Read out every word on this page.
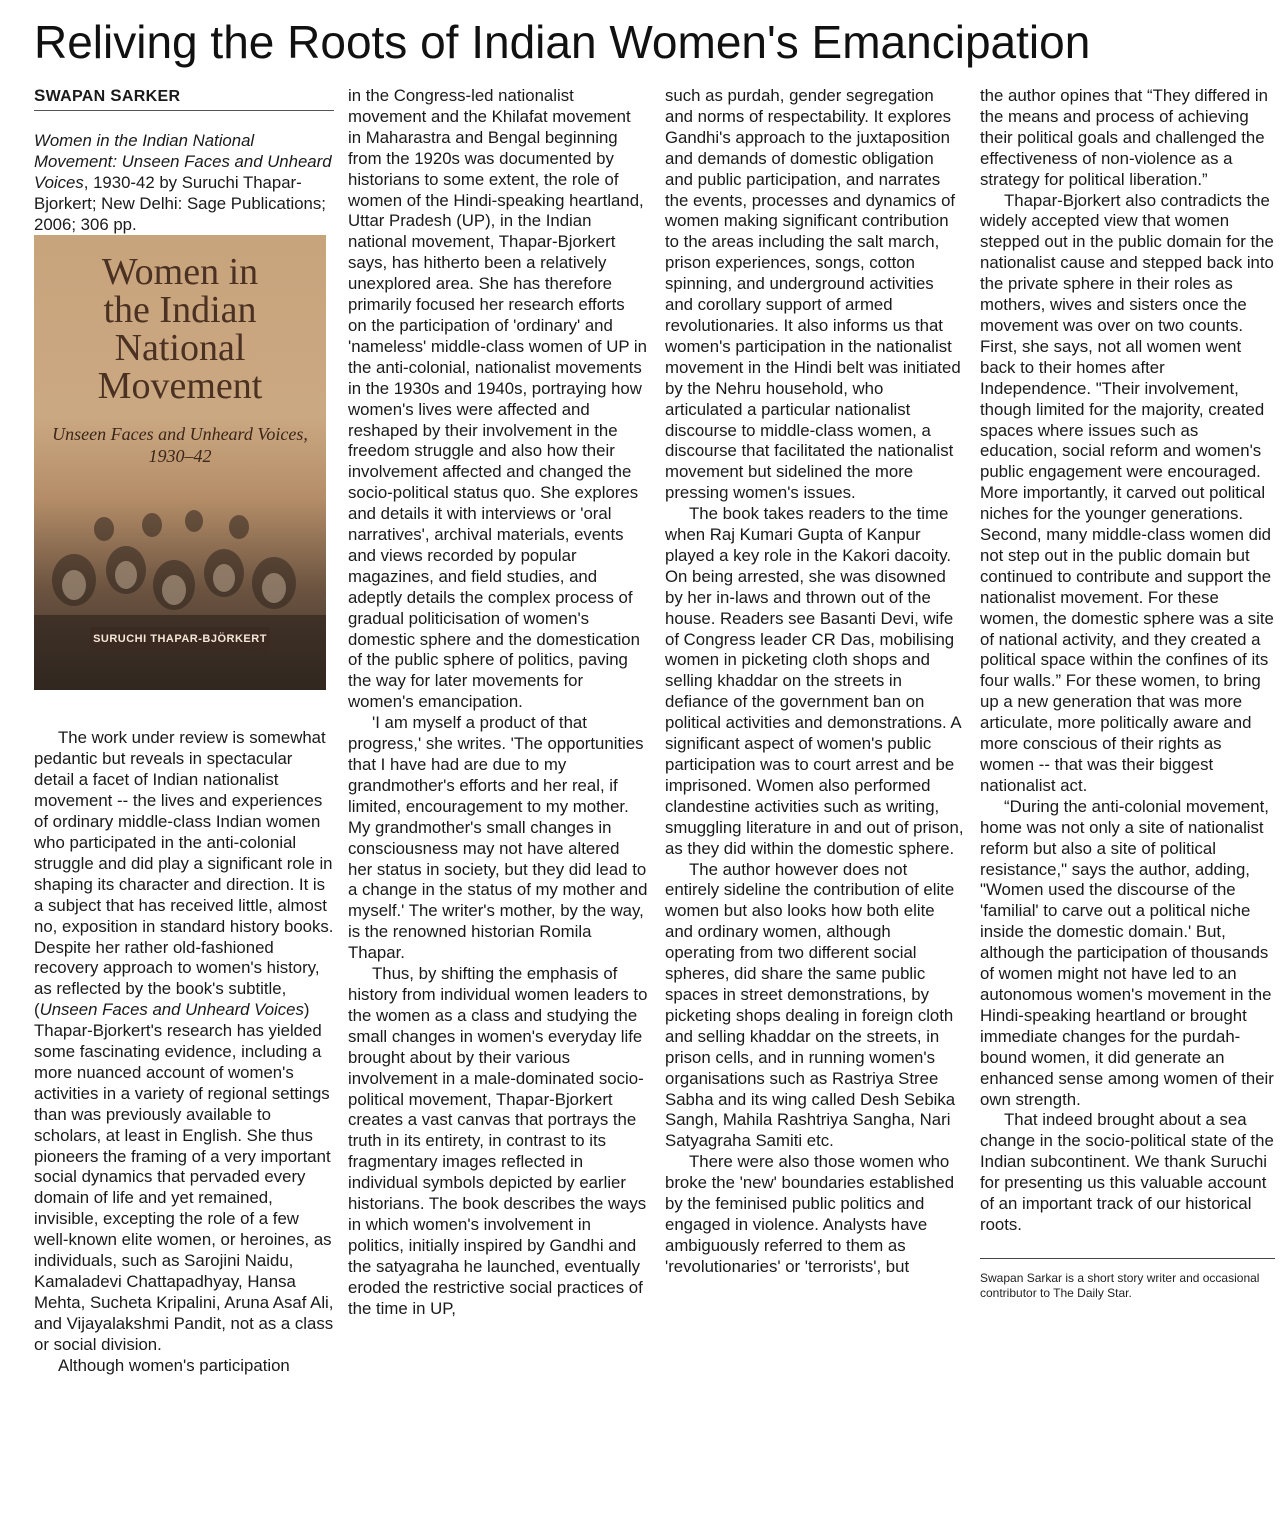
Reliving the Roots of Indian Women's Emancipation
SWAPAN SARKER

Women in the Indian National Movement: Unseen Faces and Unheard Voices, 1930-42 by Suruchi Thapar-Bjorkert; New Delhi: Sage Publications; 2006; 306 pp.

Women in
the Indian
National
Movement
Unseen Faces and Unheard Voices,
1930–42
SURUCHI THAPAR-BJÖRKERT

The work under review is somewhat pedantic but reveals in spectacular detail a facet of Indian nationalist movement -- the lives and experiences of ordinary middle-class Indian women who participated in the anti-colonial struggle and did play a significant role in shaping its character and direction. It is a subject that has received little, almost no, exposition in standard history books. Despite her rather old-fashioned recovery approach to women's history, as reflected by the book's subtitle, (Unseen Faces and Unheard Voices) Thapar-Bjorkert's research has yielded some fascinating evidence, including a more nuanced account of women's activities in a variety of regional settings than was previously available to scholars, at least in English. She thus pioneers the framing of a very important social dynamics that pervaded every domain of life and yet remained, invisible, excepting the role of a few well-known elite women, or heroines, as individuals, such as Sarojini Naidu, Kamaladevi Chattapadhyay, Hansa Mehta, Sucheta Kripalini, Aruna Asaf Ali, and Vijayalakshmi Pandit, not as a class or social division.

Although women's participation

in the Congress-led nationalist movement and the Khilafat movement in Maharastra and Bengal beginning from the 1920s was documented by historians to some extent, the role of women of the Hindi-speaking heartland, Uttar Pradesh (UP), in the Indian national movement, Thapar-Bjorkert says, has hitherto been a relatively unexplored area. She has therefore primarily focused her research efforts on the participation of 'ordinary' and 'nameless' middle-class women of UP in the anti-colonial, nationalist movements in the 1930s and 1940s, portraying how women's lives were affected and reshaped by their involvement in the freedom struggle and also how their involvement affected and changed the socio-political status quo. She explores and details it with interviews or 'oral narratives', archival materials, events and views recorded by popular magazines, and field studies, and adeptly details the complex process of gradual politicisation of women's domestic sphere and the domestication of the public sphere of politics, paving the way for later movements for women's emancipation.

'I am myself a product of that progress,' she writes. 'The opportunities that I have had are due to my grandmother's efforts and her real, if limited, encouragement to my mother. My grandmother's small changes in consciousness may not have altered her status in society, but they did lead to a change in the status of my mother and myself.' The writer's mother, by the way, is the renowned historian Romila Thapar.

Thus, by shifting the emphasis of history from individual women leaders to the women as a class and studying the small changes in women's everyday life brought about by their various involvement in a male-dominated socio-political movement, Thapar-Bjorkert creates a vast canvas that portrays the truth in its entirety, in contrast to its fragmentary images reflected in individual symbols depicted by earlier historians. The book describes the ways in which women's involvement in politics, initially inspired by Gandhi and the satyagraha he launched, eventually eroded the restrictive social practices of the time in UP,

such as purdah, gender segregation and norms of respectability. It explores Gandhi's approach to the juxtaposition and demands of domestic obligation and public participation, and narrates the events, processes and dynamics of women making significant contribution to the areas including the salt march, prison experiences, songs, cotton spinning, and underground activities and corollary support of armed revolutionaries. It also informs us that women's participation in the nationalist movement in the Hindi belt was initiated by the Nehru household, who articulated a particular nationalist discourse to middle-class women, a discourse that facilitated the nationalist movement but sidelined the more pressing women's issues.

The book takes readers to the time when Raj Kumari Gupta of Kanpur played a key role in the Kakori dacoity. On being arrested, she was disowned by her in-laws and thrown out of the house. Readers see Basanti Devi, wife of Congress leader CR Das, mobilising women in picketing cloth shops and selling khaddar on the streets in defiance of the government ban on political activities and demonstrations. A significant aspect of women's public participation was to court arrest and be imprisoned. Women also performed clandestine activities such as writing, smuggling literature in and out of prison, as they did within the domestic sphere.

The author however does not entirely sideline the contribution of elite women but also looks how both elite and ordinary women, although operating from two different social spheres, did share the same public spaces in street demonstrations, by picketing shops dealing in foreign cloth and selling khaddar on the streets, in prison cells, and in running women's organisations such as Rastriya Stree Sabha and its wing called Desh Sebika Sangh, Mahila Rashtriya Sangha, Nari Satyagraha Samiti etc.

There were also those women who broke the 'new' boundaries established by the feminised public politics and engaged in violence. Analysts have ambiguously referred to them as 'revolutionaries' or 'terrorists', but

the author opines that “They differed in the means and process of achieving their political goals and challenged the effectiveness of non-violence as a strategy for political liberation.”

Thapar-Bjorkert also contradicts the widely accepted view that women stepped out in the public domain for the nationalist cause and stepped back into the private sphere in their roles as mothers, wives and sisters once the movement was over on two counts. First, she says, not all women went back to their homes after Independence. "Their involvement, though limited for the majority, created spaces where issues such as education, social reform and women's public engagement were encouraged. More importantly, it carved out political niches for the younger generations. Second, many middle-class women did not step out in the public domain but continued to contribute and support the nationalist movement. For these women, the domestic sphere was a site of national activity, and they created a political space within the confines of its four walls.” For these women, to bring up a new generation that was more articulate, more politically aware and more conscious of their rights as women -- that was their biggest nationalist act.

“During the anti-colonial movement, home was not only a site of nationalist reform but also a site of political resistance," says the author, adding, "Women used the discourse of the 'familial' to carve out a political niche inside the domestic domain.' But, although the participation of thousands of women might not have led to an autonomous women's movement in the Hindi-speaking heartland or brought immediate changes for the purdah-bound women, it did generate an enhanced sense among women of their own strength.

That indeed brought about a sea change in the socio-political state of the Indian subcontinent. We thank Suruchi for presenting us this valuable account of an important track of our historical roots.

Swapan Sarkar is a short story writer and occasional contributor to The Daily Star.
